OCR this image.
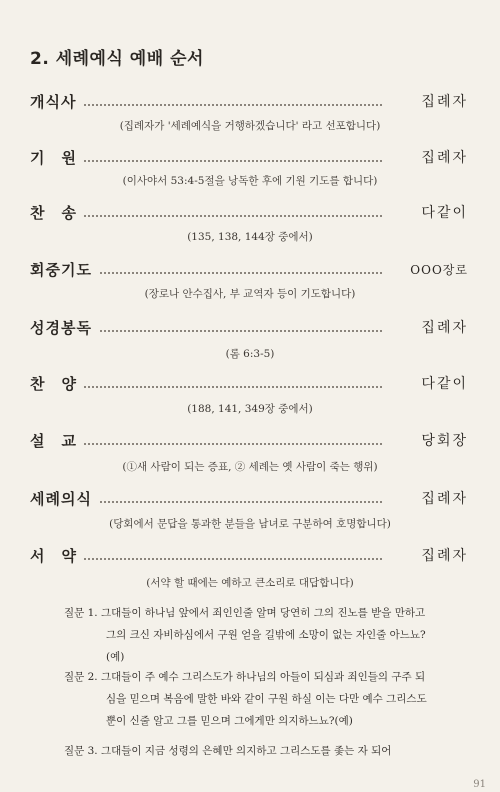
2. 세례예식 예배 순서
개식사	집례자
(집례자가 '세례예식을 거행하겠습니다' 라고 선포합니다)
기　원	집례자
(이사야서 53:4-5절을 낭독한 후에 기원 기도를 합니다)
찬　송	다같이
(135, 138, 144장 중에서)
회중기도	OOO장로
(장로나 안수집사, 부 교역자 등이 기도합니다)
성경봉독	집례자
(롬 6:3-5)
찬　양	다같이
(188, 141, 349장 중에서)
설　교	당회장
(①새 사람이 되는 증표, ② 세례는 옛 사람이 죽는 행위)
세례의식	집례자
(당회에서 문답을 통과한 분들을 남녀로 구분하여 호명합니다)
서　약	집례자
(서약 할 때에는 예하고 큰소리로 대답합니다)
질문 1. 그대들이 하나님 앞에서 죄인인줄 알며 당연히 그의 진노를 받을 만하고 그의 크신 자비하심에서 구원 얻을 길밖에 소망이 없는 자인줄 아느뇨?(예)
질문 2. 그대들이 주 예수 그리스도가 하나님의 아들이 되심과 죄인들의 구주 되심을 믿으며 복음에 말한 바와 같이 구원 하실 이는 다만 예수 그리스도 뿐이 신줄 알고 그를 믿으며 그에게만 의지하느뇨?(예)
질문 3. 그대들이 지금 성령의 은혜만 의지하고 그리스도를 좇는 자 되어
91
